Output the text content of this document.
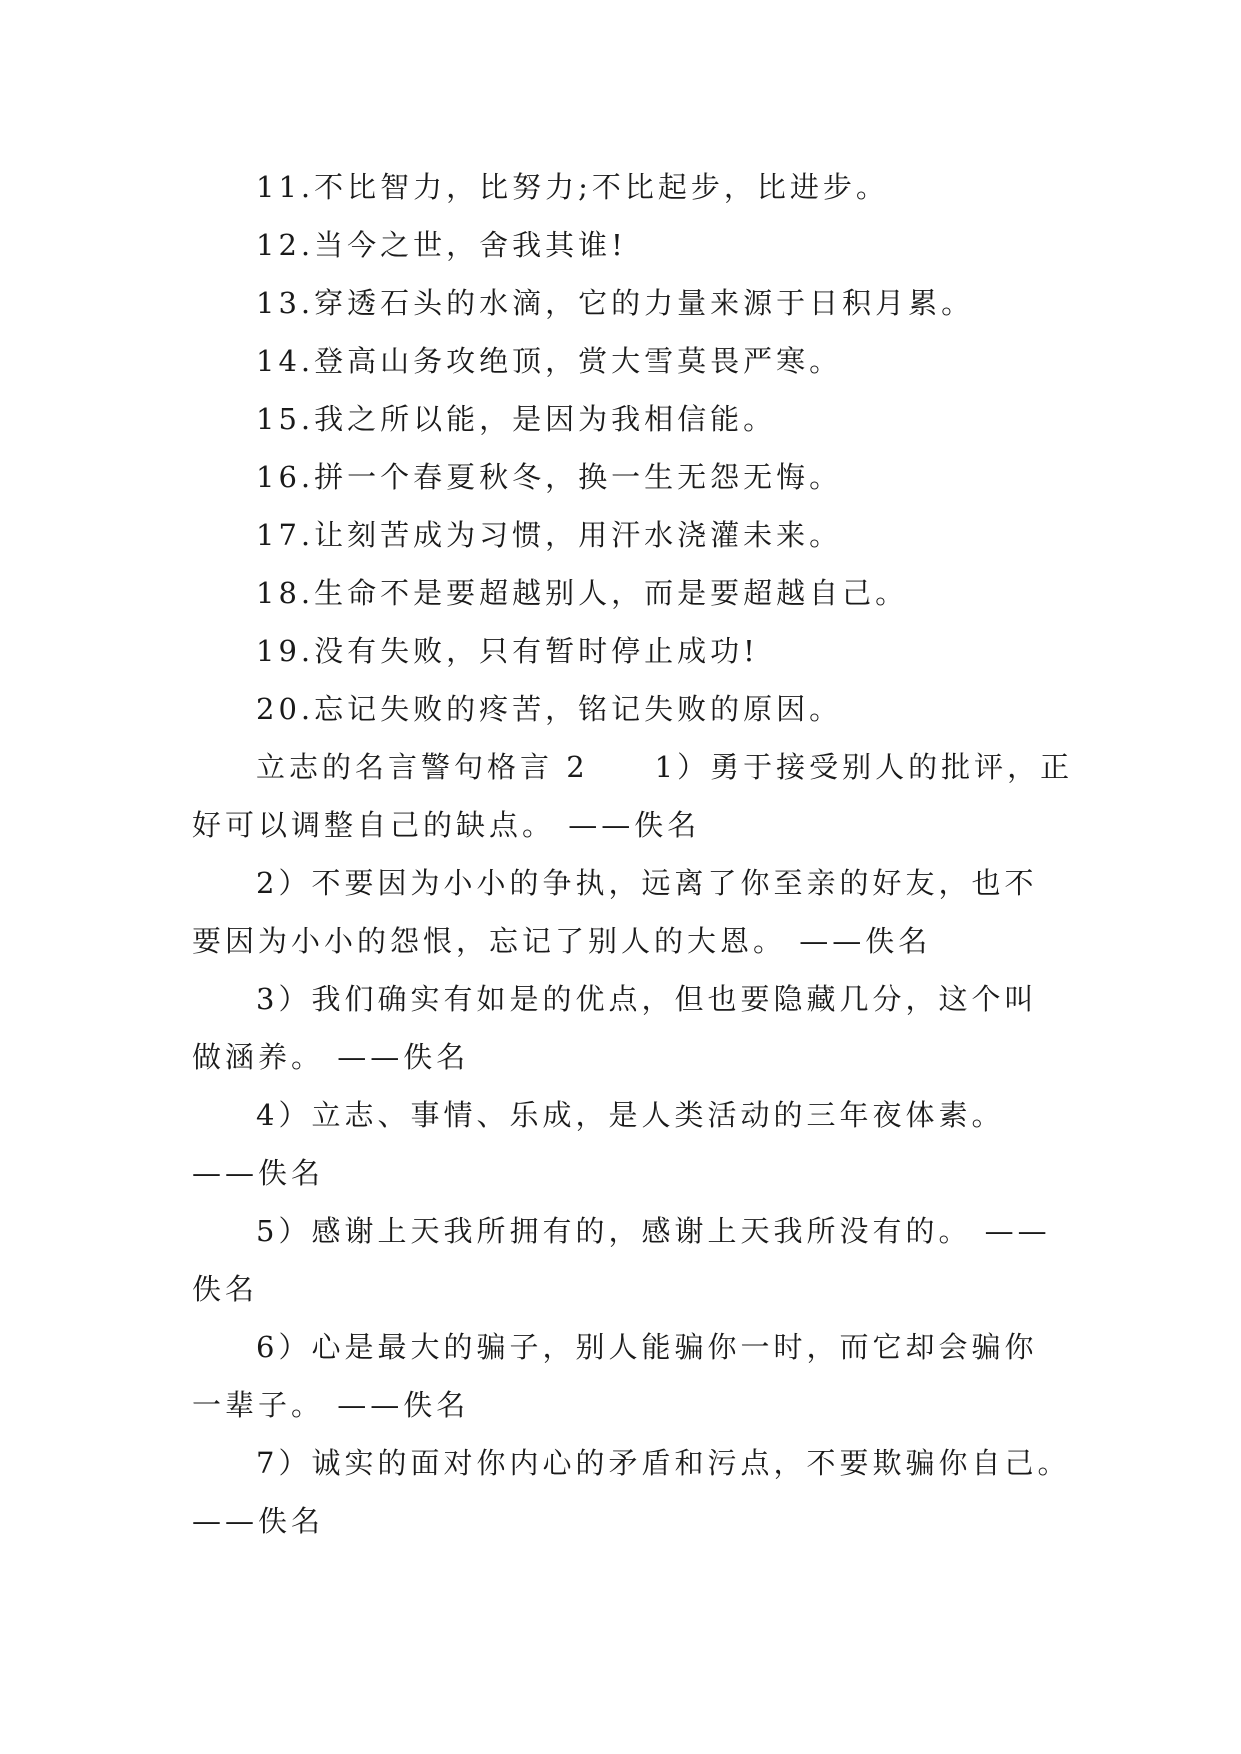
11.不比智力，比努力;不比起步，比进步。

12.当今之世，舍我其谁!

13.穿透石头的水滴，它的力量来源于日积月累。

14.登高山务攻绝顶，赏大雪莫畏严寒。

15.我之所以能，是因为我相信能。

16.拼一个春夏秋冬，换一生无怨无悔。

17.让刻苦成为习惯，用汗水浇灌未来。

18.生命不是要超越别人，而是要超越自己。

19.没有失败，只有暂时停止成功!

20.忘记失败的疼苦，铭记失败的原因。

立志的名言警句格言 2　　1）勇于接受别人的批评，正
好可以调整自己的缺点。 ——佚名
2）不要因为小小的争执，远离了你至亲的好友，也不
要因为小小的怨恨，忘记了别人的大恩。 ——佚名
3）我们确实有如是的优点，但也要隐藏几分，这个叫
做涵养。 ——佚名
4）立志、事情、乐成，是人类活动的三年夜体素。
——佚名
5）感谢上天我所拥有的，感谢上天我所没有的。 ——
佚名
6）心是最大的骗子，别人能骗你一时，而它却会骗你
一辈子。 ——佚名
7）诚实的面对你内心的矛盾和污点，不要欺骗你自己。
——佚名
